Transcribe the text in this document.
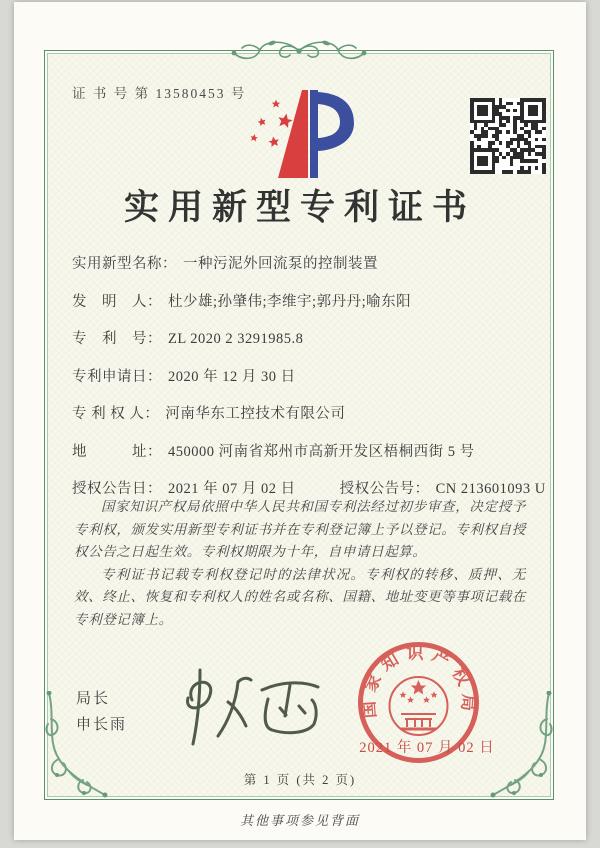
证 书 号 第 13580453 号
实用新型专利证书
实用新型名称： 一种污泥外回流泵的控制装置
发　明　人： 杜少雄;孙肇伟;李维宇;郭丹丹;喻东阳
专　利　号： ZL 2020 2 3291985.8
专利申请日： 2020 年 12 月 30 日
专 利 权 人： 河南华东工控技术有限公司
地　　　址： 450000 河南省郑州市高新开发区梧桐西街 5 号
授权公告日： 2021 年 07 月 02 日	授权公告号： CN 213601093 U

国家知识产权局依照中华人民共和国专利法经过初步审查，决定授予专利权，颁发实用新型专利证书并在专利登记簿上予以登记。专利权自授权公告之日起生效。专利权期限为十年，自申请日起算。

专利证书记载专利权登记时的法律状况。专利权的转移、质押、无效、终止、恢复和专利权人的姓名或名称、国籍、地址变更等事项记载在专利登记簿上。

局长
申长雨
国家知识产权局
2021 年 07 月 02 日
第 1 页 (共 2 页)
其他事项参见背面
